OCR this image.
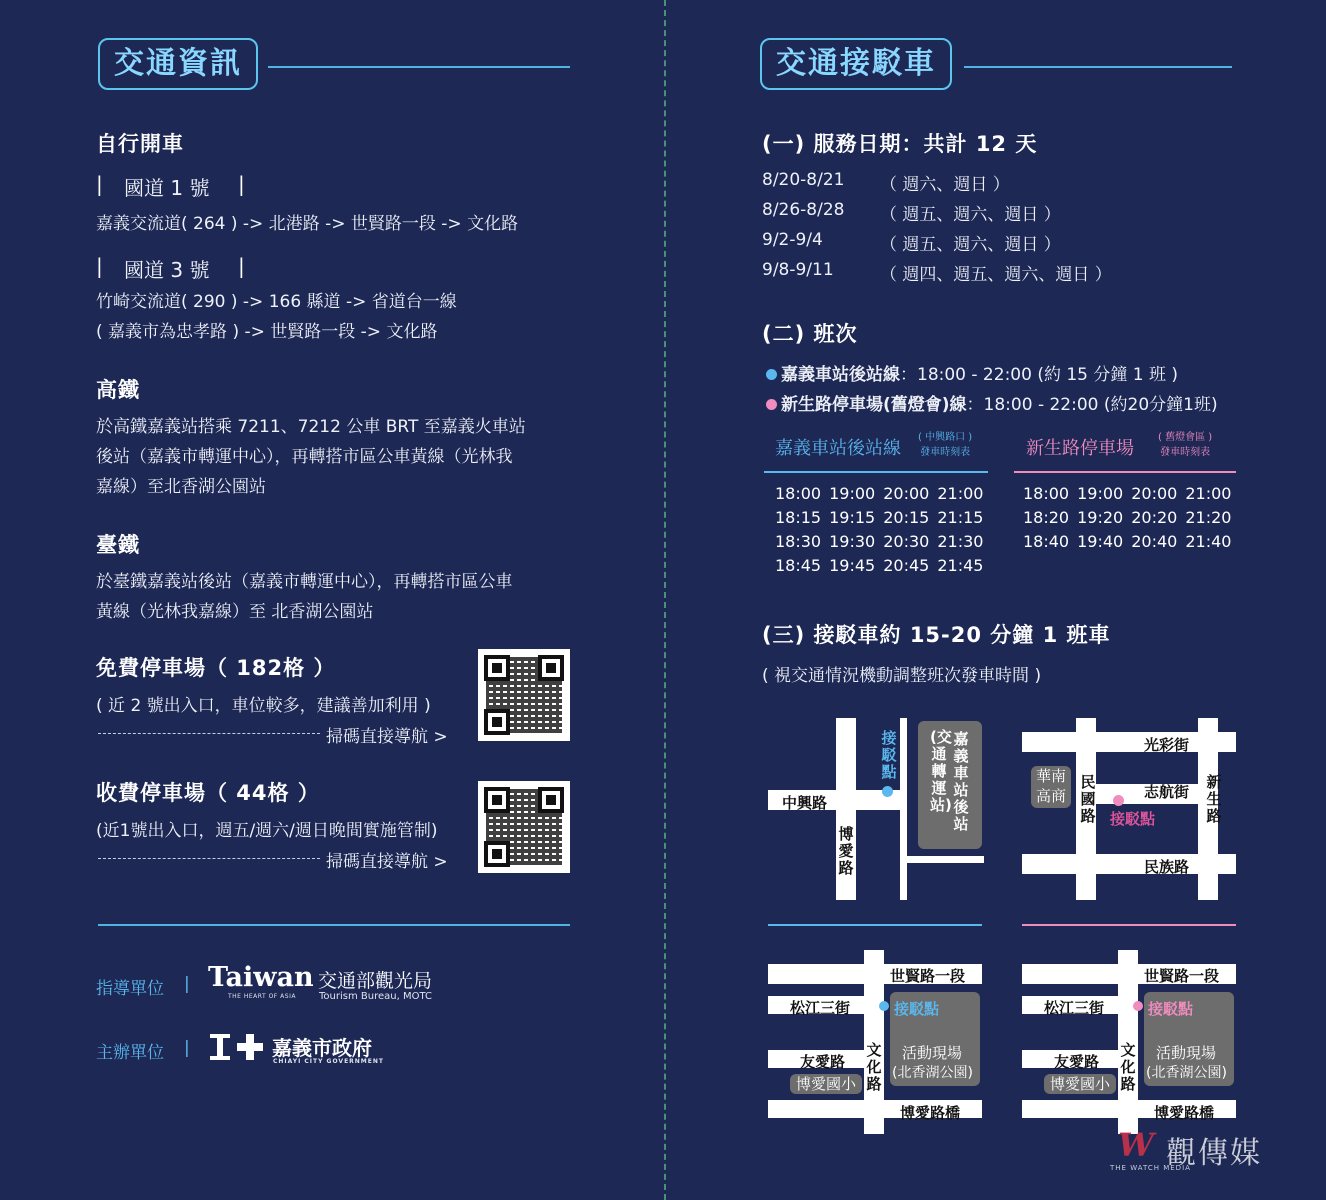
交通資訊
自行開車
| 國道 1 號 |
嘉義交流道( 264 ) -> 北港路 -> 世賢路一段 -> 文化路
| 國道 3 號 |
竹崎交流道( 290 ) -> 166 縣道 -> 省道台一線
( 嘉義市為忠孝路 ) -> 世賢路一段 -> 文化路
高鐵
於高鐵嘉義站搭乘 7211、7212 公車 BRT 至嘉義火車站
後站（嘉義市轉運中心），再轉搭市區公車黃線（光林我
嘉線）至北香湖公園站
臺鐵
於臺鐵嘉義站後站（嘉義市轉運中心），再轉搭市區公車
黃線（光林我嘉線）至 北香湖公園站
免費停車場（ 182格 ）
( 近 2 號出入口，車位較多，建議善加利用 )
掃碼直接導航 >
收費停車場（ 44格 ）
(近1號出入口，週五/週六/週日晚間實施管制)
掃碼直接導航 >
指導單位 | Taiwan
THE HEART OF ASIA
交通部觀光局
Tourism Bureau, MOTC
主辦單位 |	嘉義市政府
CHIAYI CITY GOVERNMENT
交通接駁車
(一) 服務日期：共計 12 天
8/20-8/21 （ 週六、週日 ）
8/26-8/28 （ 週五、週六、週日 ）
9/2-9/4	（ 週五、週六、週日 ）
9/8-9/11	（ 週四、週五、週六、週日 ）
(二) 班次
嘉義車站後站線：18:00 - 22:00 (約 15 分鐘 1 班 )
新生路停車場(舊燈會)線：18:00 - 22:00 (約20分鐘1班)
嘉義車站後站線
( 中興路口 )
發車時刻表	新生路停車場
( 舊燈會區 )
發車時刻表
18:00	19:00	20:00	21:00
18:15	19:15	20:15	21:15
18:30	19:30	20:30	21:30
18:45	19:45	20:45	21:45
18:00	19:00	20:00	21:00
18:20	19:20	20:20	21:20
18:40	19:40	20:40	21:40
(三) 接駁車約 15-20 分鐘 1 班車
( 視交通情況機動調整班次發車時間 )
中興路
博愛路
接駁點
嘉義車站後站
(交通轉運站)
光彩街
志航街
民族路
民國路
新生路
華南高商
接駁點
世賢路一段
松江三街
友愛路
文化路
博愛國小
博愛路橋
接駁點
活動現場
(北香湖公園)
世賢路一段
松江三街
友愛路
文化路
博愛國小
博愛路橋
接駁點
活動現場
(北香湖公園)
W 觀傳媒
THE WATCH MEDIA
